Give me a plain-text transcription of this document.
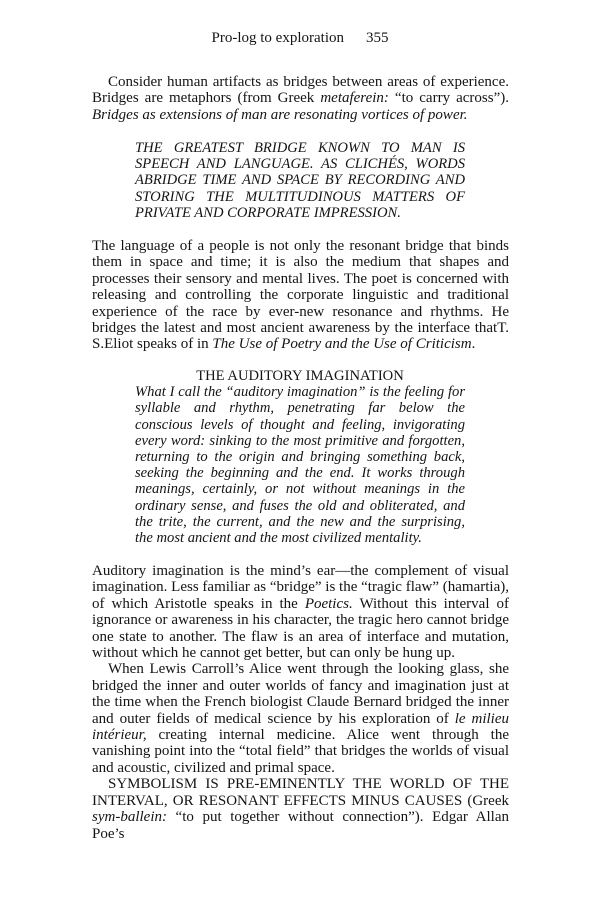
Pro-log to exploration 355

Consider human artifacts as bridges between areas of experience. Bridges are metaphors (from Greek metaferein: “to carry across”). Bridges as extensions of man are resonating vortices of power.

THE GREATEST BRIDGE KNOWN TO MAN IS SPEECH AND LANGUAGE. AS CLICHÉS, WORDS ABRIDGE TIME AND SPACE BY RECORDING AND STORING THE MULTITUDINOUS MATTERS OF PRIVATE AND CORPORATE IMPRESSION.

The language of a people is not only the resonant bridge that binds them in space and time; it is also the medium that shapes and processes their sensory and mental lives. The poet is concerned with releasing and controlling the corporate linguistic and traditional experience of the race by ever-new resonance and rhythms. He bridges the latest and most ancient awareness by the interface thatT. S.Eliot speaks of in The Use of Poetry and the Use of Criticism.

THE AUDITORY IMAGINATION

What I call the “auditory imagination” is the feeling for syllable and rhythm, penetrating far below the conscious levels of thought and feeling, invigorating every word: sinking to the most primitive and forgotten, returning to the origin and bringing something back, seeking the beginning and the end. It works through meanings, certainly, or not without meanings in the ordinary sense, and fuses the old and obliterated, and the trite, the current, and the new and the surprising, the most ancient and the most civilized mentality.

Auditory imagination is the mind’s ear—the complement of visual imagination. Less familiar as “bridge” is the “tragic flaw” (hamartia), of which Aristotle speaks in the Poetics. Without this interval of ignorance or awareness in his character, the tragic hero cannot bridge one state to another. The flaw is an area of interface and mutation, without which he cannot get better, but can only be hung up.

When Lewis Carroll’s Alice went through the looking glass, she bridged the inner and outer worlds of fancy and imagination just at the time when the French biologist Claude Bernard bridged the inner and outer fields of medical science by his exploration of le milieu intérieur, creating internal medicine. Alice went through the vanishing point into the “total field” that bridges the worlds of visual and acoustic, civilized and primal space.

SYMBOLISM IS PRE-EMINENTLY THE WORLD OF THE INTERVAL, OR RESONANT EFFECTS MINUS CAUSES (Greek sym-ballein: “to put together without connection”). Edgar Allan Poe’s
